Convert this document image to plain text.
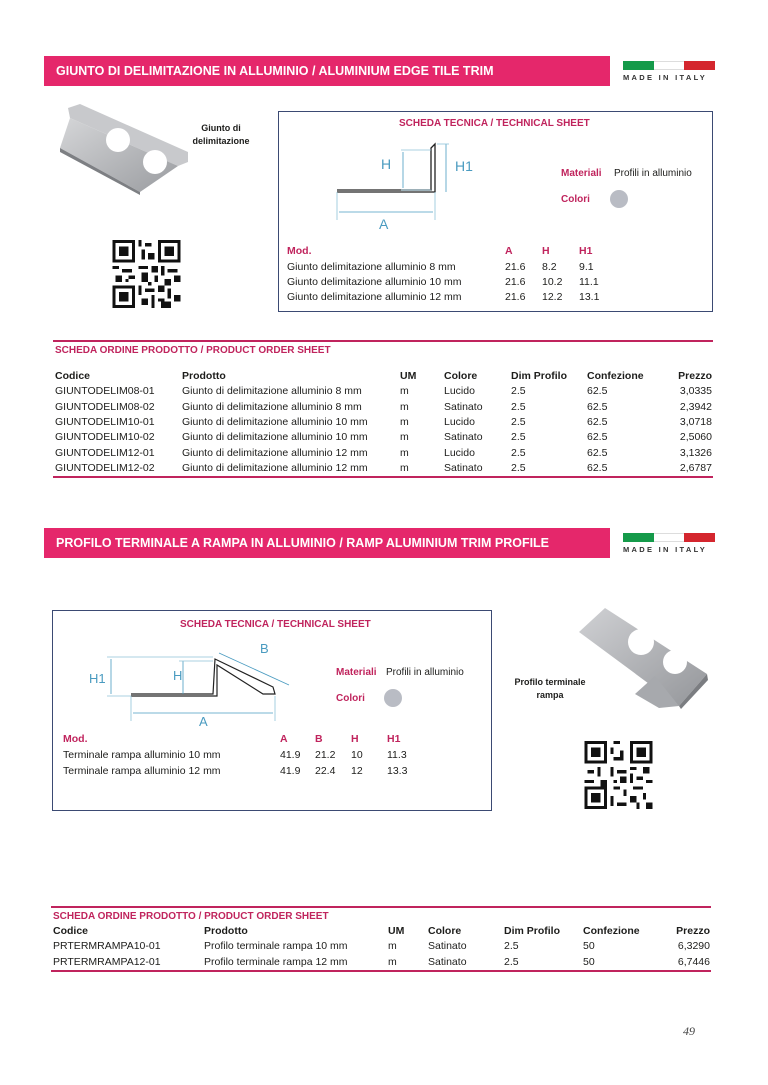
GIUNTO DI DELIMITAZIONE IN ALLUMINIO / ALUMINIUM EDGE TILE TRIM	MADE IN ITALY
Giunto di
delimitazione
SCHEDA TECNICA / TECHNICAL SHEET
H	H1
A
Materiali Profili in alluminio
Colori
Mod.	A	H	H1
Giunto delimitazione alluminio 8 mm	21.6 8.2 9.1
Giunto delimitazione alluminio 10 mm	21.6 10.2 11.1
Giunto delimitazione alluminio 12 mm	21.6 12.2 13.1
SCHEDA ORDINE PRODOTTO / PRODUCT ORDER SHEET
Codice	Prodotto	UM	Colore	Dim Profilo Confezione	Prezzo
GIUNTODELIM08-01	Giunto di delimitazione alluminio 8 mm	m	Lucido	2.5	62.5	3,0335
GIUNTODELIM08-02	Giunto di delimitazione alluminio 8 mm	m	Satinato	2.5	62.5	2,3942
GIUNTODELIM10-01	Giunto di delimitazione alluminio 10 mm	m	Lucido	2.5	62.5	3,0718
GIUNTODELIM10-02	Giunto di delimitazione alluminio 10 mm	m	Satinato	2.5	62.5	2,5060
GIUNTODELIM12-01	Giunto di delimitazione alluminio 12 mm	m	Lucido	2.5	62.5	3,1326
GIUNTODELIM12-02	Giunto di delimitazione alluminio 12 mm	m	Satinato	2.5	62.5	2,6787
PROFILO TERMINALE A RAMPA IN ALLUMINIO / RAMP ALUMINIUM TRIM PROFILE	MADE IN ITALY
SCHEDA TECNICA / TECHNICAL SHEET
H1	H
B
A
Materiali Profili in alluminio
Colori
Mod.	A	B	H	H1
Terminale rampa alluminio 10 mm	41.9 21.2 10 11.3
Terminale rampa alluminio 12 mm	41.9 22.4 12 13.3
Profilo terminale
rampa
SCHEDA ORDINE PRODOTTO / PRODUCT ORDER SHEET
Codice	Prodotto	UM Colore	Dim Profilo Confezione	Prezzo
PRTERMRAMPA10-01	Profilo terminale rampa 10 mm	m	Satinato	2.5	50	6,3290
PRTERMRAMPA12-01	Profilo terminale rampa 12 mm	m	Satinato	2.5	50	6,7446
49
